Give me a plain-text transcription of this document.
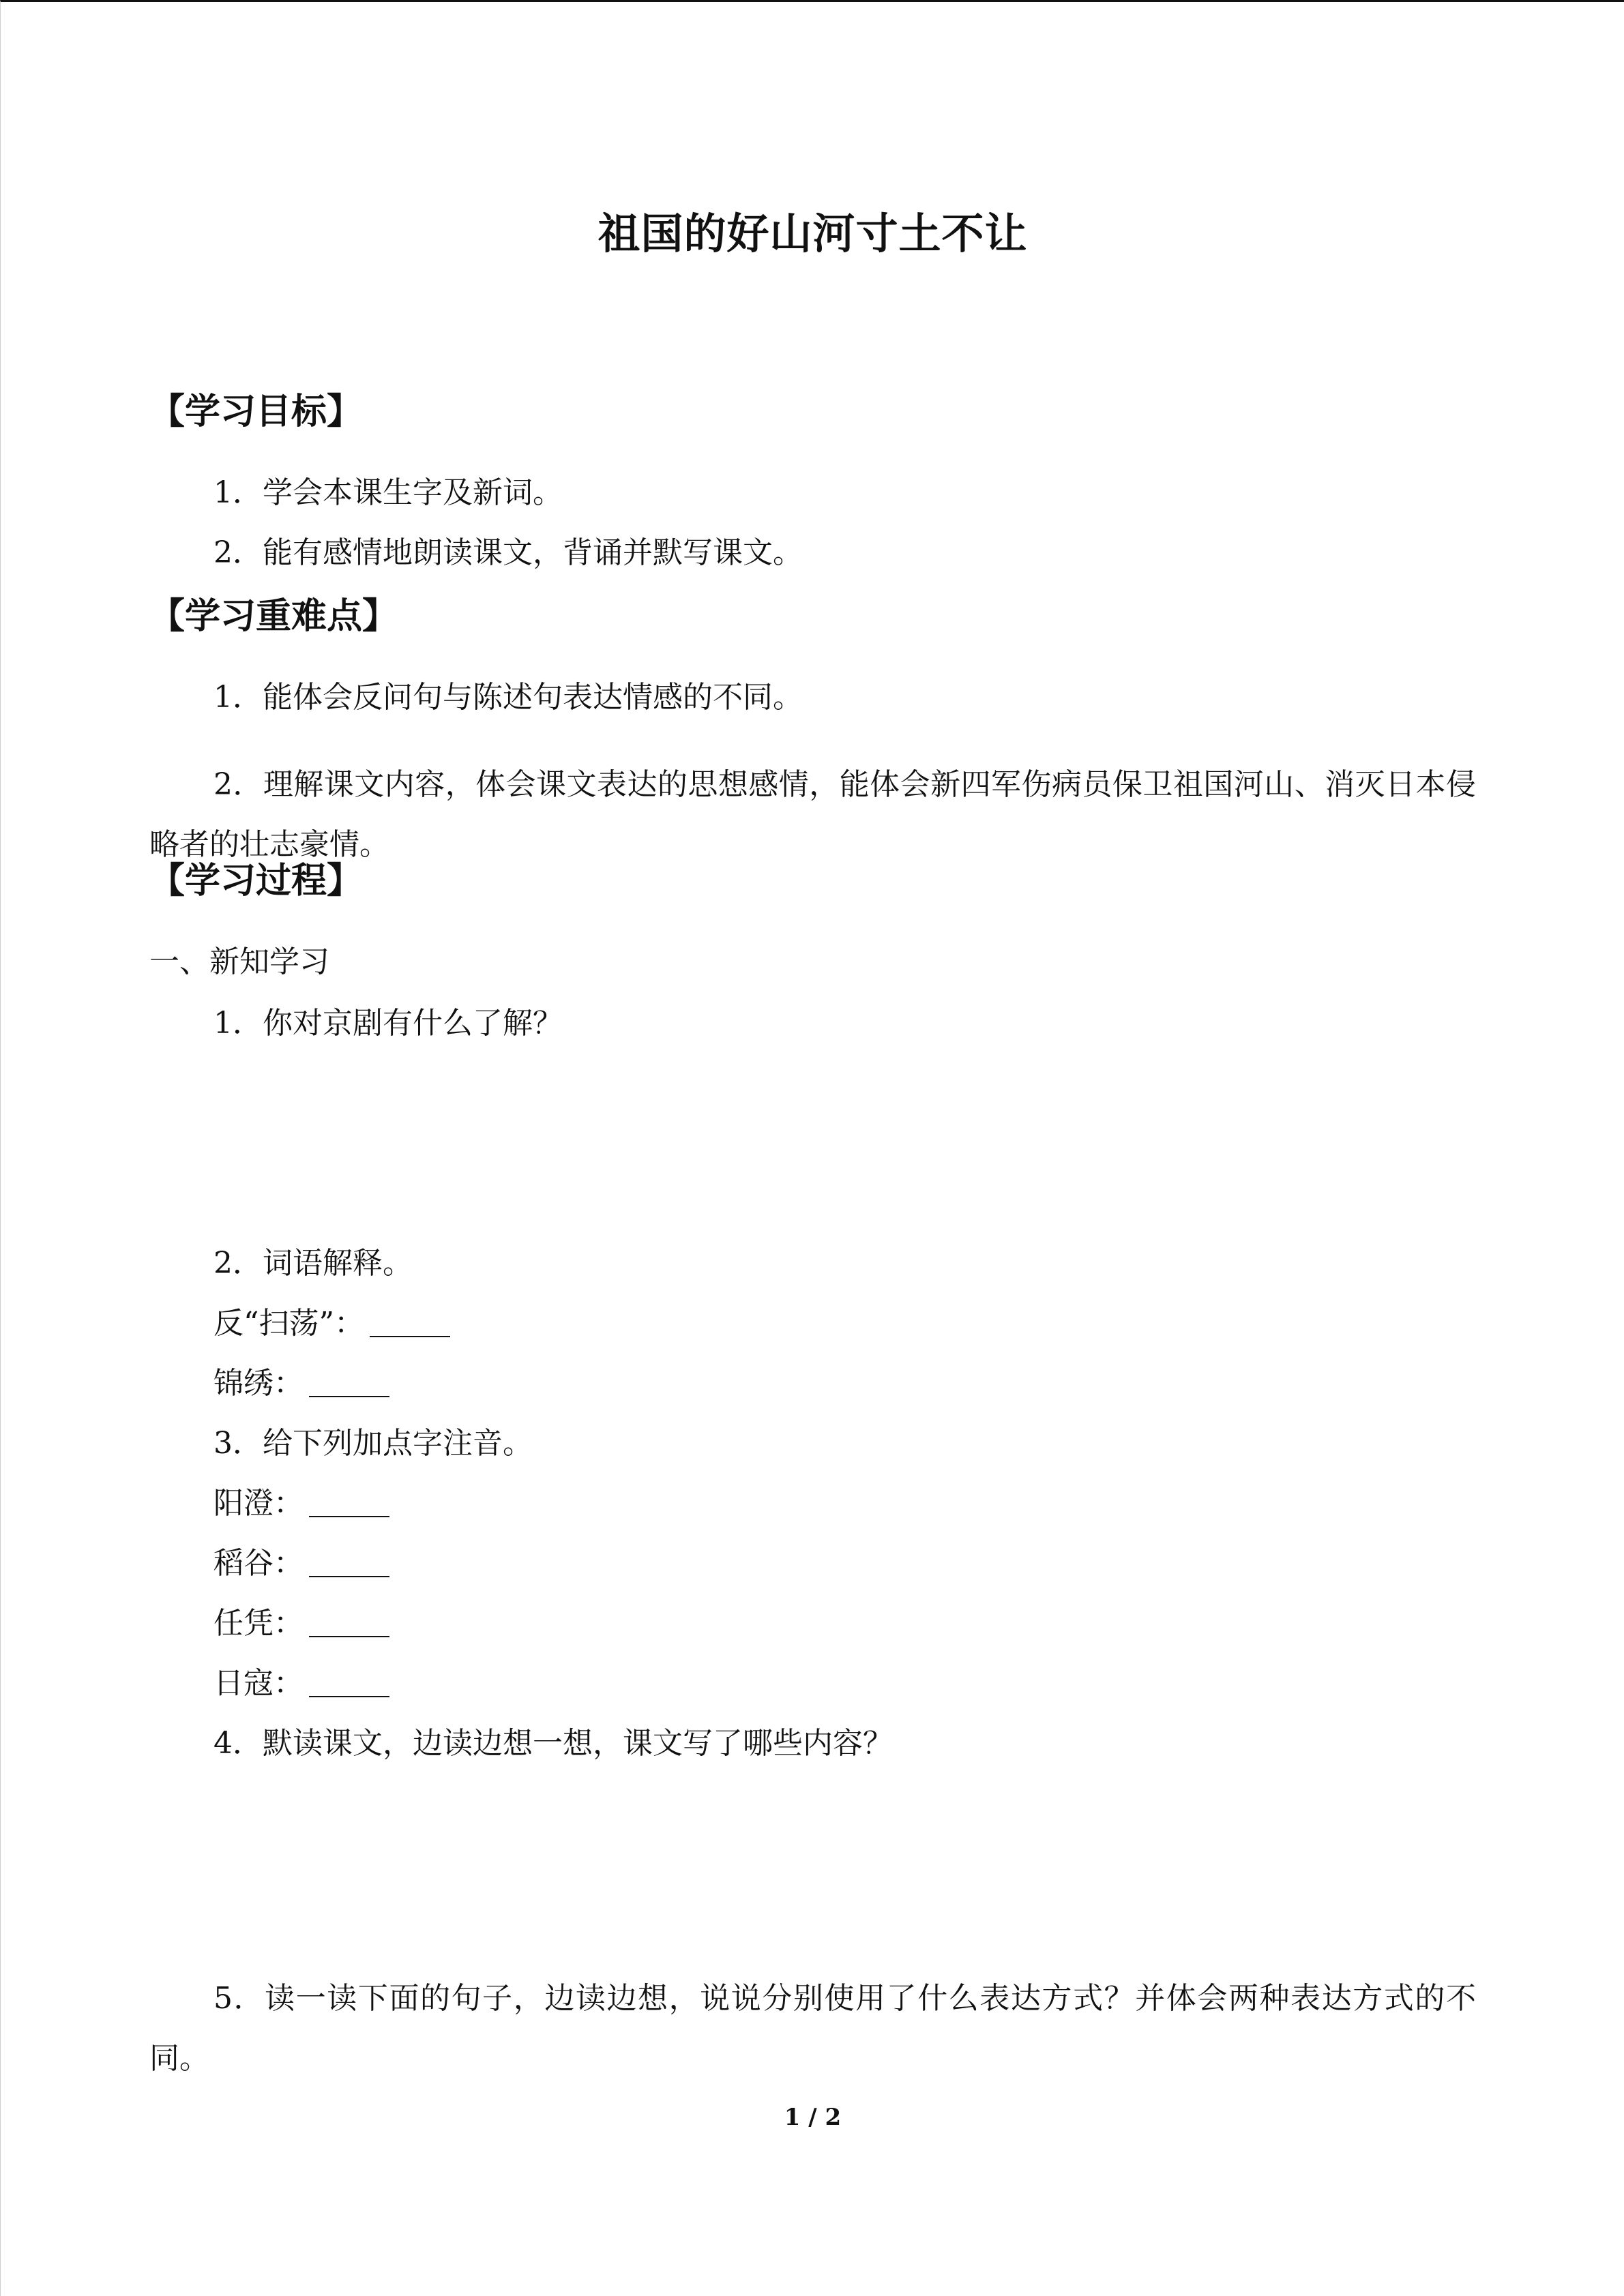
祖国的好山河寸土不让
【学习目标】
1．学会本课生字及新词。
2．能有感情地朗读课文，背诵并默写课文。
【学习重难点】
1．能体会反问句与陈述句表达情感的不同。
2．理解课文内容，体会课文表达的思想感情，能体会新四军伤病员保卫祖国河山、消灭日本侵略者的壮志豪情。
【学习过程】
一、新知学习
1．你对京剧有什么了解？
2．词语解释。
反“扫荡”：
锦绣：
3．给下列加点字注音。
阳澄：
稻谷：
任凭：
日寇：
4．默读课文，边读边想一想，课文写了哪些内容？
5．读一读下面的句子，边读边想，说说分别使用了什么表达方式？并体会两种表达方式的不同。
1 / 2
